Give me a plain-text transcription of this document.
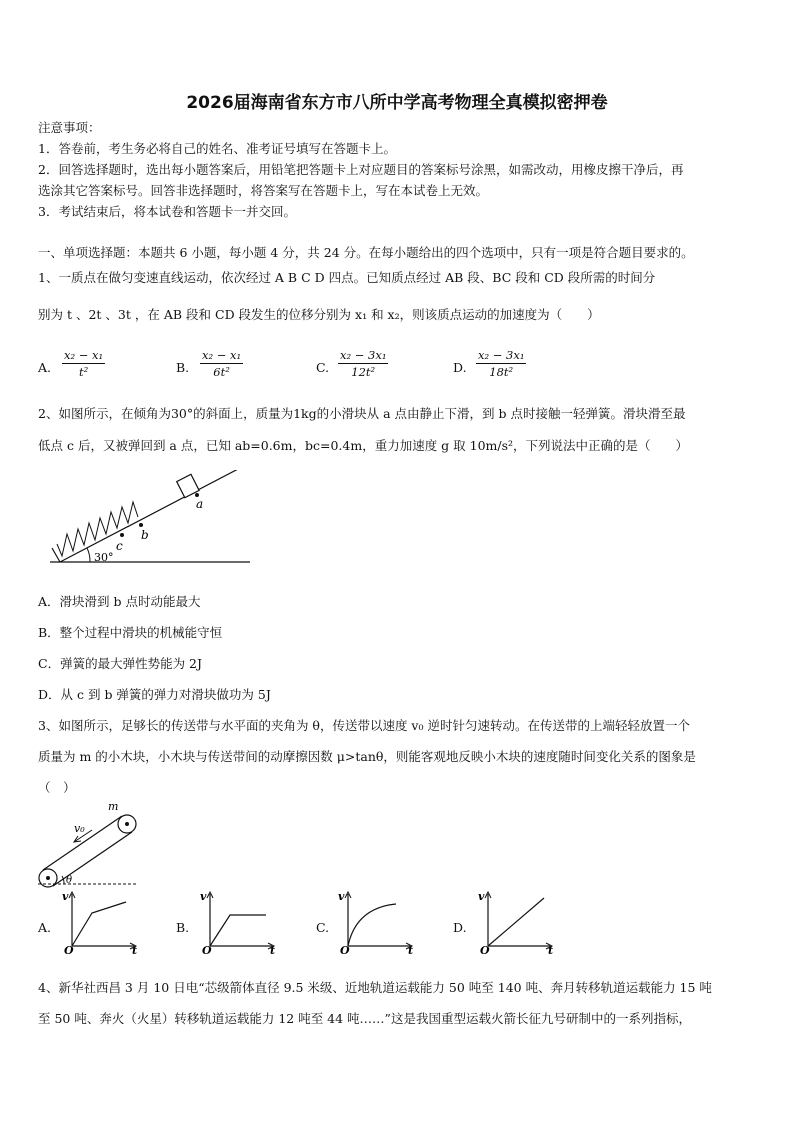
2026届海南省东方市八所中学高考物理全真模拟密押卷
注意事项：
1．答卷前，考生务必将自己的姓名、准考证号填写在答题卡上。
2．回答选择题时，选出每小题答案后，用铅笔把答题卡上对应题目的答案标号涂黑，如需改动，用橡皮擦干净后，再
选涂其它答案标号。回答非选择题时，将答案写在答题卡上，写在本试卷上无效。
3．考试结束后，将本试卷和答题卡一并交回。
一、单项选择题：本题共 6 小题，每小题 4 分，共 24 分。在每小题给出的四个选项中，只有一项是符合题目要求的。
1、一质点在做匀变速直线运动，依次经过 A B C D 四点。已知质点经过 AB 段、BC 段和 CD 段所需的时间分
别为 t 、2t 、3t ，在 AB 段和 CD 段发生的位移分别为 x₁ 和 x₂，则该质点运动的加速度为（　　）
A. $\frac{\text{x₂ − x₁}}{\text{t²}}$	B. $\frac{\text{x₂ − x₁}}{\text{6t²}}$	C. $\frac{\text{x₂ − 3x₁}}{\text{12t²}}$	D. $\frac{\text{x₂ − 3x₁}}{\text{18t²}}$
2、如图所示，在倾角为30°的斜面上，质量为1kg的小滑块从 a 点由静止下滑，到 b 点时接触一轻弹簧。滑块滑至最
低点 c 后，又被弹回到 a 点，已知 ab=0.6m，bc=0.4m，重力加速度 g 取 10m/s²，下列说法中正确的是（　　）
a
b
c
30°
A．滑块滑到 b 点时动能最大
B．整个过程中滑块的机械能守恒
C．弹簧的最大弹性势能为 2J
D．从 c 到 b 弹簧的弹力对滑块做功为 5J
3、如图所示，足够长的传送带与水平面的夹角为 θ，传送带以速度 v₀ 逆时针匀速转动。在传送带的上端轻轻放置一个
质量为 m 的小木块，小木块与传送带间的动摩擦因数 μ>tanθ，则能客观地反映小木块的速度随时间变化关系的图象是
（　）
v₀
m
θ
A.
v
t
O
B.
v
t
O
C.
v
t
O
D.
v
t
O
4、新华社西昌 3 月 10 日电“芯级箭体直径 9.5 米级、近地轨道运载能力 50 吨至 140 吨、奔月转移轨道运载能力 15 吨
至 50 吨、奔火（火星）转移轨道运载能力 12 吨至 44 吨……”这是我国重型运载火箭长征九号研制中的一系列指标，
